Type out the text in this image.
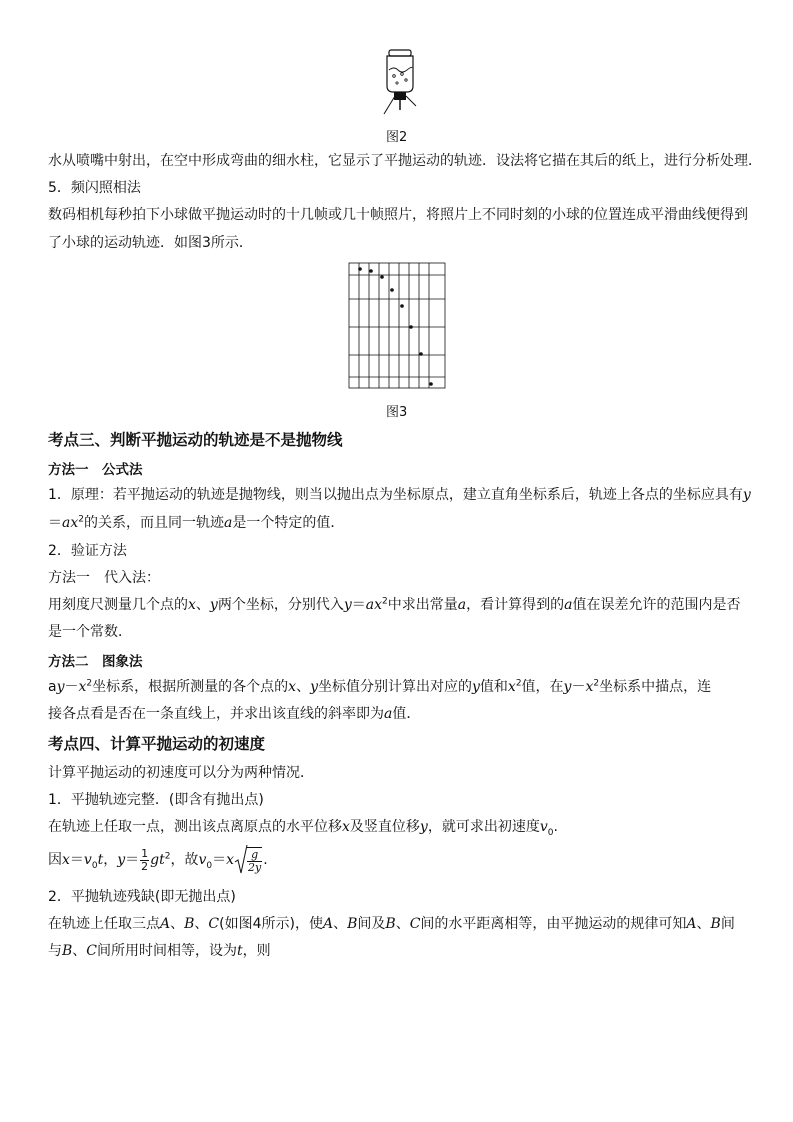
图2
水从喷嘴中射出，在空中形成弯曲的细水柱，它显示了平抛运动的轨迹．设法将它描在其后的纸上，进行分析处理．
5．频闪照相法
数码相机每秒拍下小球做平抛运动时的十几帧或几十帧照片，将照片上不同时刻的小球的位置连成平滑曲线便得到
了小球的运动轨迹．如图3所示．
图3
考点三、判断平抛运动的轨迹是不是抛物线
方法一　公式法
1．原理：若平抛运动的轨迹是抛物线，则当以抛出点为坐标原点，建立直角坐标系后，轨迹上各点的坐标应具有y
$=ax^2$的关系，而且同一轨迹a是一个特定的值．
2．验证方法
方法一　代入法：
用刻度尺测量几个点的x、y两个坐标，分别代入$y=ax^2$中求出常量a，看计算得到的a值在误差允许的范围内是否
是一个常数．
方法二　图象法
$ay-x^2$坐标系，根据所测量的各个点的x、y坐标值分别计算出对应的y值和$x^2$值，在$y-x^2$坐标系中描点，连
接各点看是否在一条直线上，并求出该直线的斜率即为a值．
考点四、计算平抛运动的初速度
计算平抛运动的初速度可以分为两种情况．
1．平抛轨迹完整．(即含有抛出点)
在轨迹上任取一点，测出该点离原点的水平位移x及竖直位移y，就可求出初速度$v_0$.
因$x=v_0t$，$y= \frac{1}{2} gt^2$，故$v_0=x \frac{g}{2y}$ .
2．平抛轨迹残缺(即无抛出点)
在轨迹上任取三点A、B、C(如图4所示)，使A、B间及B、C间的水平距离相等，由平抛运动的规律可知A、B间
与B、C间所用时间相等，设为t，则
